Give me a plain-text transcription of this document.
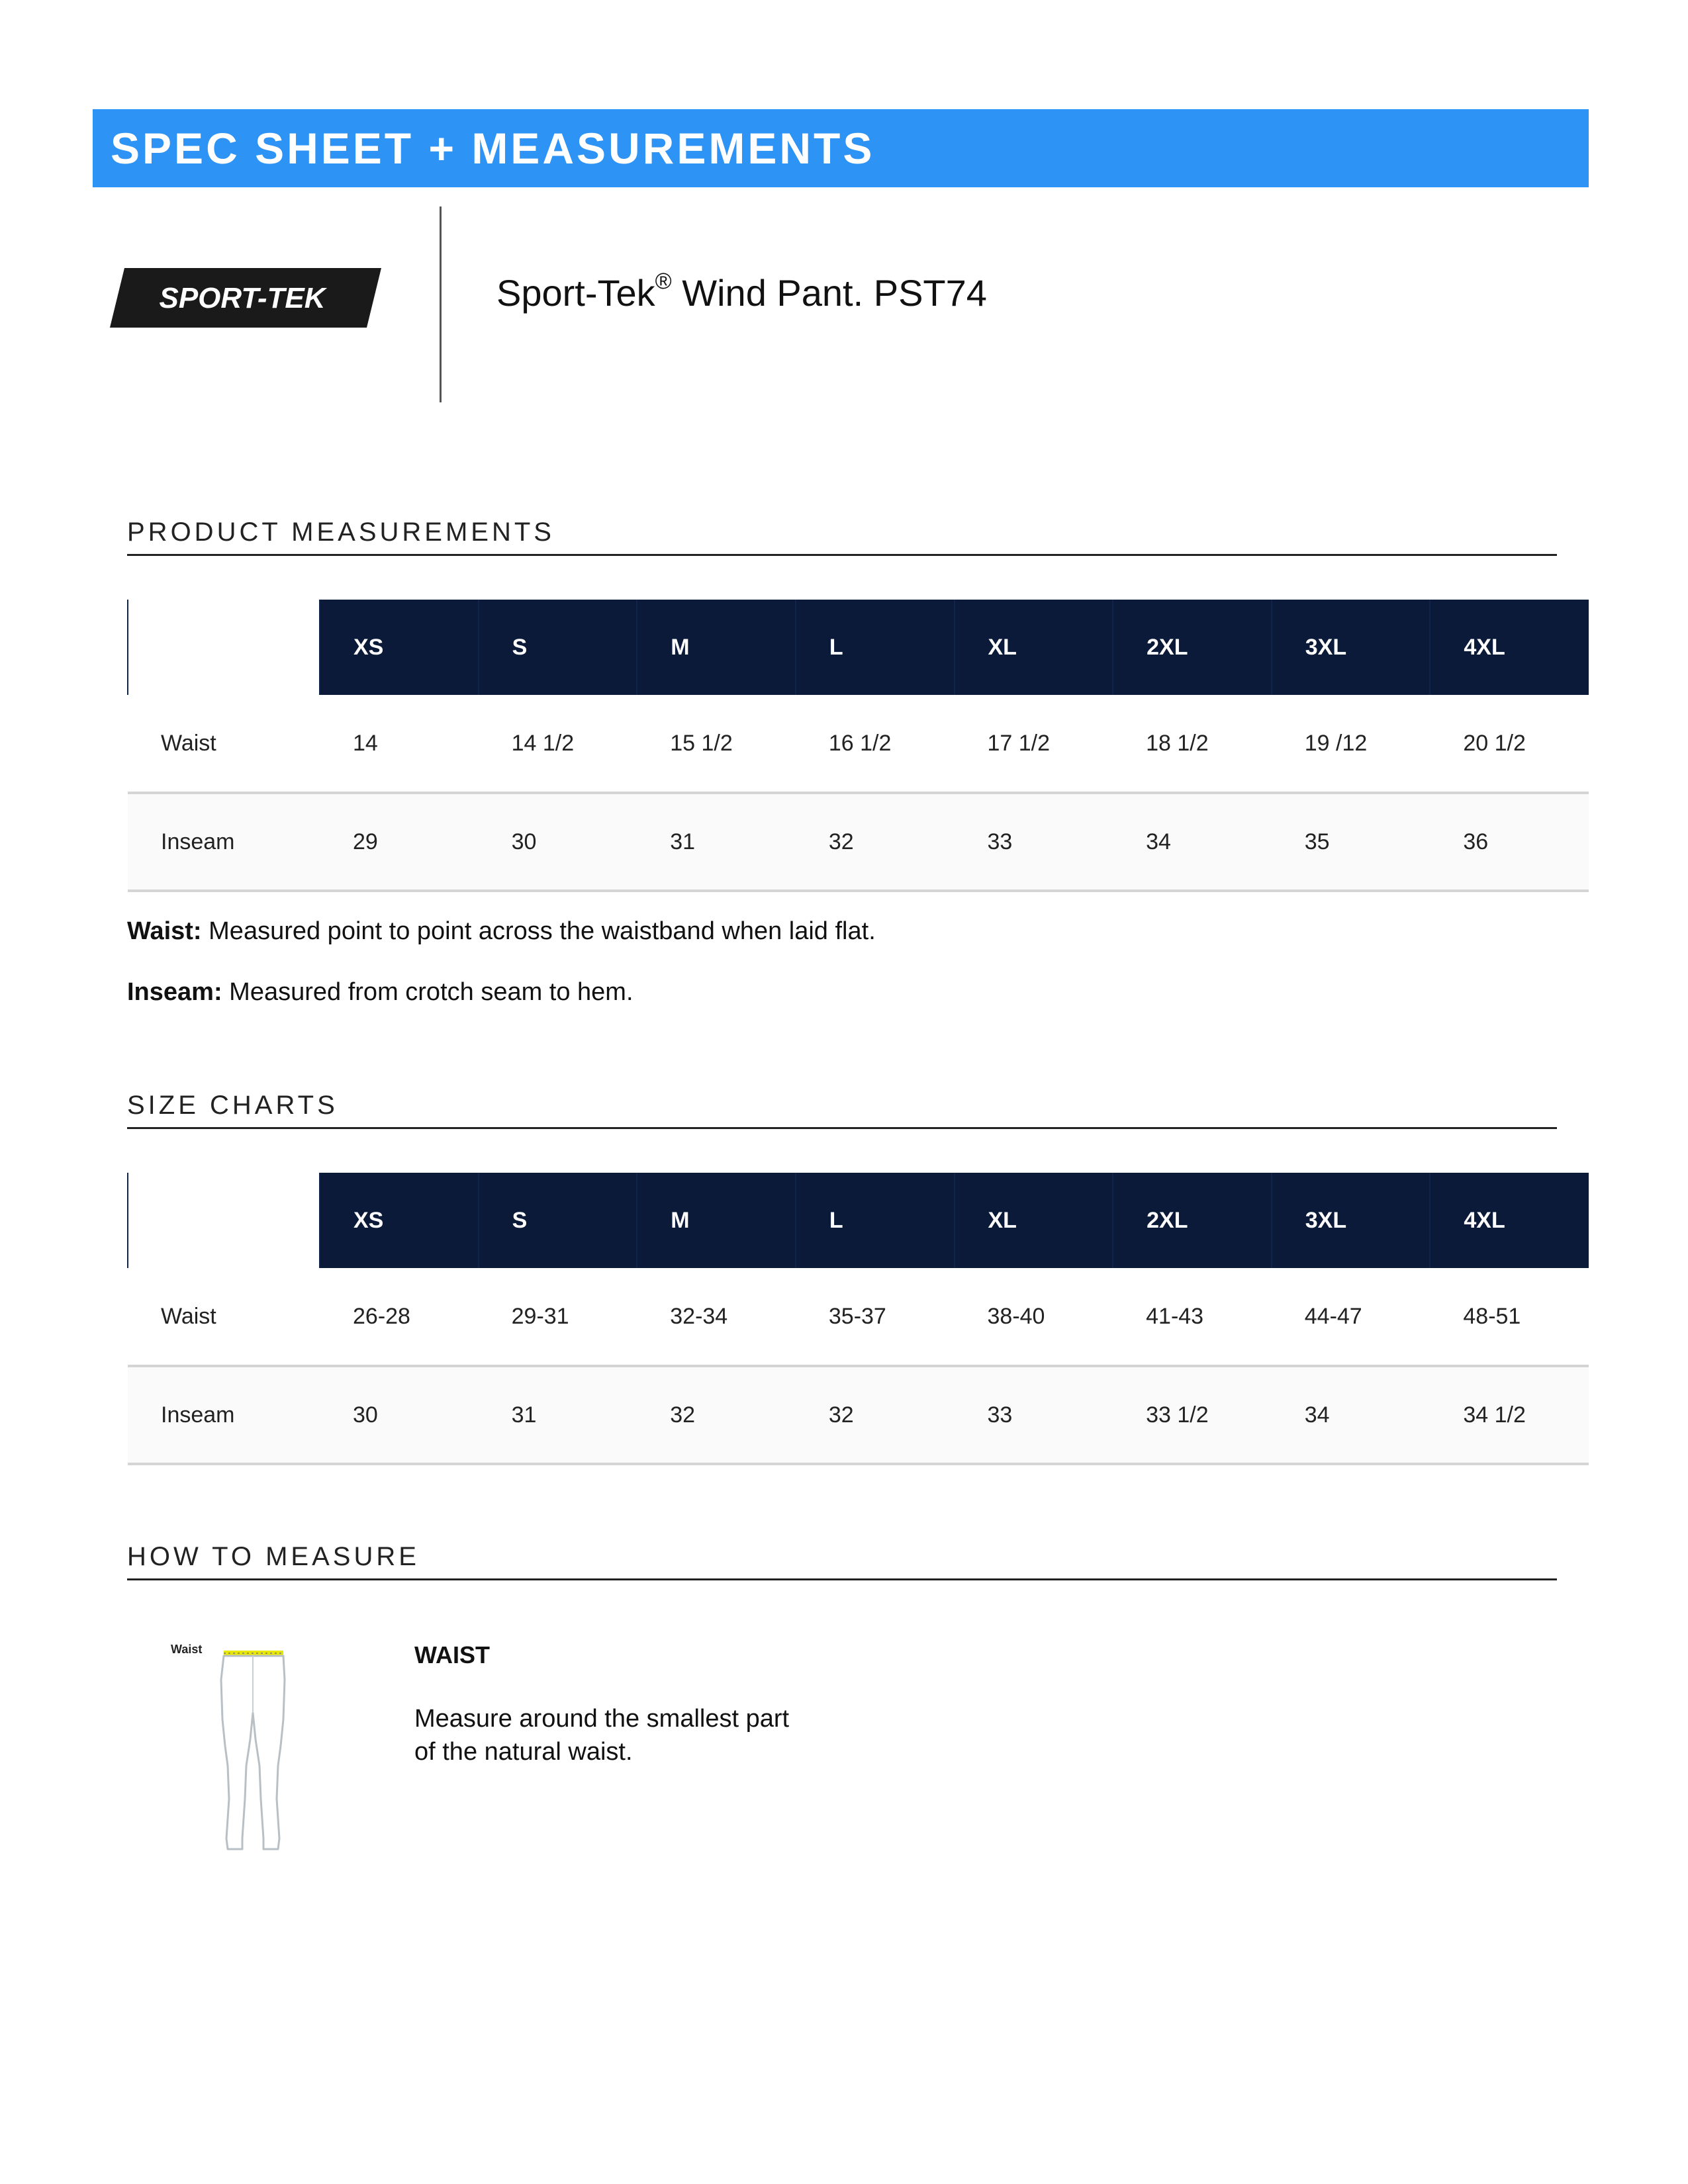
SPEC SHEET + MEASUREMENTS
SPORT-TEK	Sport-Tek® Wind Pant. PST74
PRODUCT MEASUREMENTS
	XS	S	M	L	XL	2XL	3XL	4XL
Waist	14	14 1/2	15 1/2	16 1/2	17 1/2	18 1/2	19 /12	20 1/2
Inseam	29	30	31	32	33	34	35	36
Waist: Measured point to point across the waistband when laid flat.
Inseam: Measured from crotch seam to hem.
SIZE CHARTS
	XS	S	M	L	XL	2XL	3XL	4XL
Waist	26-28	29-31	32-34	35-37	38-40	41-43	44-47	48-51
Inseam	30	31	32	32	33	33 1/2	34	34 1/2
HOW TO MEASURE
Waist	WAIST
Measure around the smallest part
of the natural waist.
